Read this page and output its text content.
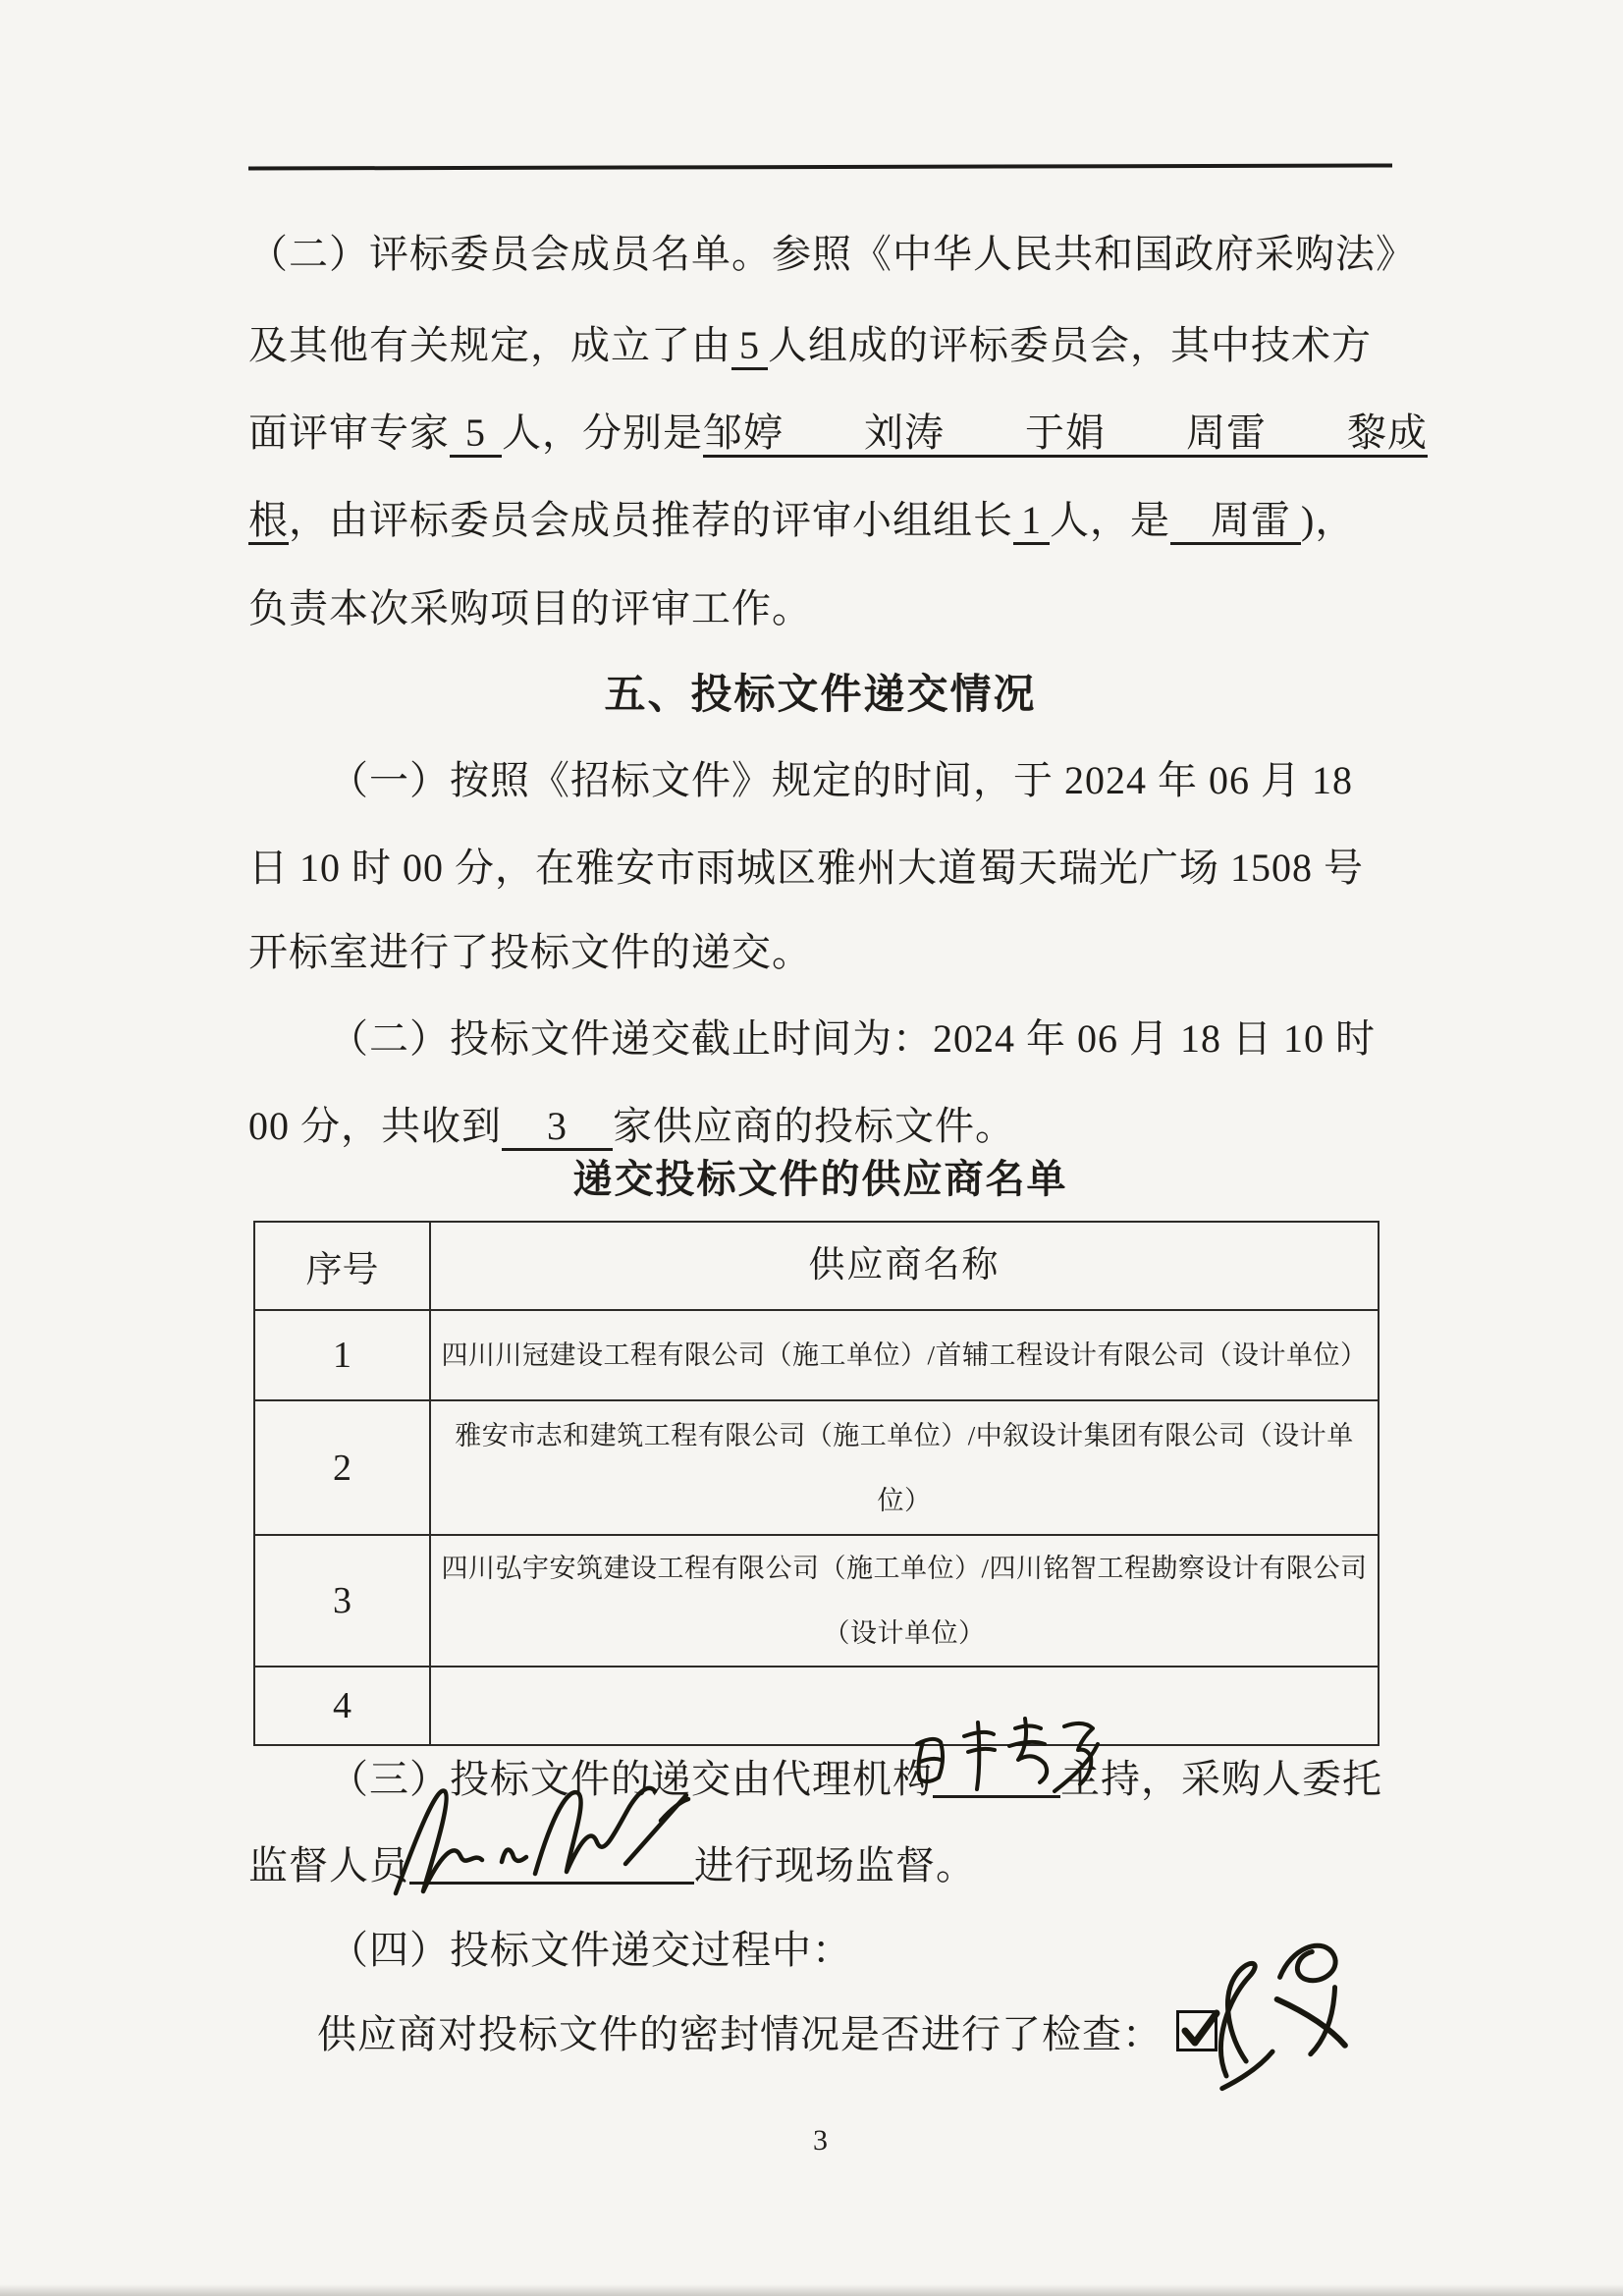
（二）评标委员会成员名单。参照《中华人民共和国政府采购法》
及其他有关规定，成立了由 5 人组成的评标委员会，其中技术方
面评审专家 5 人，分别是邹婷　　刘涛　　于娟　　周雷　　黎成
根，由评标委员会成员推荐的评审小组组长 1 人，是　周雷 )，
负责本次采购项目的评审工作。
五、投标文件递交情况
（一）按照《招标文件》规定的时间，于 2024 年 06 月 18
日 10 时 00 分，在雅安市雨城区雅州大道蜀天瑞光广场 1508 号
开标室进行了投标文件的递交。
（二）投标文件递交截止时间为：2024 年 06 月 18 日 10 时
00 分，共收到 3 家供应商的投标文件。
递交投标文件的供应商名单
序号	供应商名称
1	四川川冠建设工程有限公司（施工单位）/首辅工程设计有限公司（设计单位）
2	雅安市志和建筑工程有限公司（施工单位）/中叙设计集团有限公司（设计单位）
3	四川弘宇安筑建设工程有限公司（施工单位）/四川铭智工程勘察设计有限公司（设计单位）
4	
（三）投标文件的递交由代理机构	主持，采购人委托
监督人员	进行现场监督。
（四）投标文件递交过程中：
供应商对投标文件的密封情况是否进行了检查：
3
